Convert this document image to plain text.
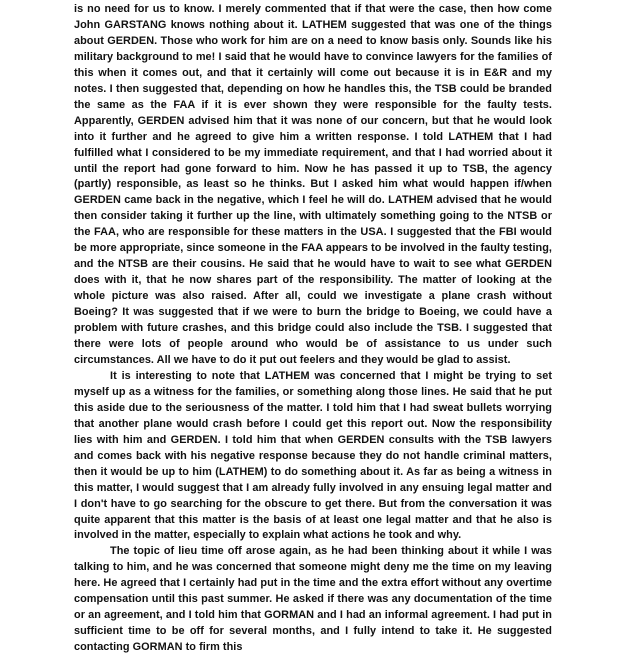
is no need for us to know. I merely commented that if that were the case, then how come John GARSTANG knows nothing about it. LATHEM suggested that was one of the things about GERDEN. Those who work for him are on a need to know basis only. Sounds like his military background to me! I said that he would have to convince lawyers for the families of this when it comes out, and that it certainly will come out because it is in E&R and my notes. I then suggested that, depending on how he handles this, the TSB could be branded the same as the FAA if it is ever shown they were responsible for the faulty tests. Apparently, GERDEN advised him that it was none of our concern, but that he would look into it further and he agreed to give him a written response. I told LATHEM that I had fulfilled what I considered to be my immediate requirement, and that I had worried about it until the report had gone forward to him. Now he has passed it up to TSB, the agency (partly) responsible, as least so he thinks. But I asked him what would happen if/when GERDEN came back in the negative, which I feel he will do. LATHEM advised that he would then consider taking it further up the line, with ultimately something going to the NTSB or the FAA, who are responsible for these matters in the USA. I suggested that the FBI would be more appropriate, since someone in the FAA appears to be involved in the faulty testing, and the NTSB are their cousins. He said that he would have to wait to see what GERDEN does with it, that he now shares part of the responsibility. The matter of looking at the whole picture was also raised. After all, could we investigate a plane crash without Boeing? It was suggested that if we were to burn the bridge to Boeing, we could have a problem with future crashes, and this bridge could also include the TSB. I suggested that there were lots of people around who would be of assistance to us under such circumstances. All we have to do it put out feelers and they would be glad to assist.

It is interesting to note that LATHEM was concerned that I might be trying to set myself up as a witness for the families, or something along those lines. He said that he put this aside due to the seriousness of the matter. I told him that I had sweat bullets worrying that another plane would crash before I could get this report out. Now the responsibility lies with him and GERDEN. I told him that when GERDEN consults with the TSB lawyers and comes back with his negative response because they do not handle criminal matters, then it would be up to him (LATHEM) to do something about it. As far as being a witness in this matter, I would suggest that I am already fully involved in any ensuing legal matter and I don't have to go searching for the obscure to get there. But from the conversation it was quite apparent that this matter is the basis of at least one legal matter and that he also is involved in the matter, especially to explain what actions he took and why.

The topic of lieu time off arose again, as he had been thinking about it while I was talking to him, and he was concerned that someone might deny me the time on my leaving here. He agreed that I certainly had put in the time and the extra effort without any overtime compensation until this past summer. He asked if there was any documentation of the time or an agreement, and I told him that GORMAN and I had an informal agreement. I had put in sufficient time to be off for several months, and I fully intend to take it. He suggested contacting GORMAN to firm this
